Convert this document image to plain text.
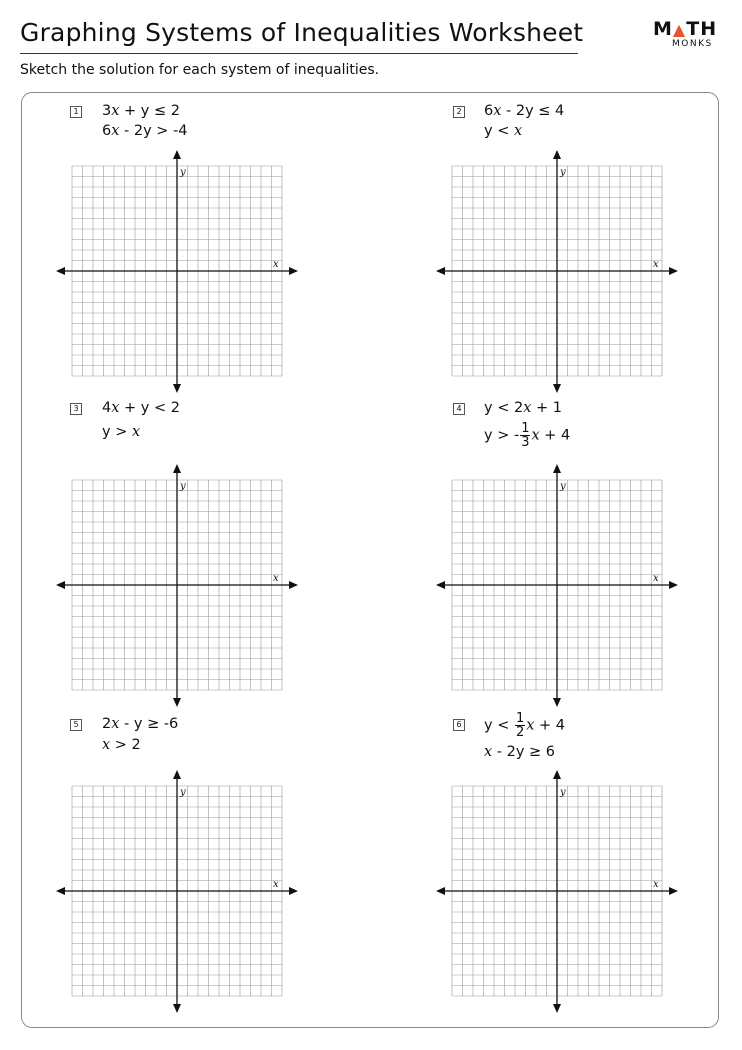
Graphing Systems of Inequalities Worksheet	M▲TH
MONKS
Sketch the solution for each system of inequalities.
1 3x + y ≤ 2
6x - 2y > -4
x
y
2 6x - 2y ≤ 4
y < x
x
y
3 4x + y < 2
y > x
x
y
4 y < 2x + 1
y > - $\frac{1}{3}$ x + 4
x
y
5 2x - y ≥ -6
x > 2
x
y
6 $y < \frac{1}{2}$ x + 4
x - 2y ≥ 6
x
y
